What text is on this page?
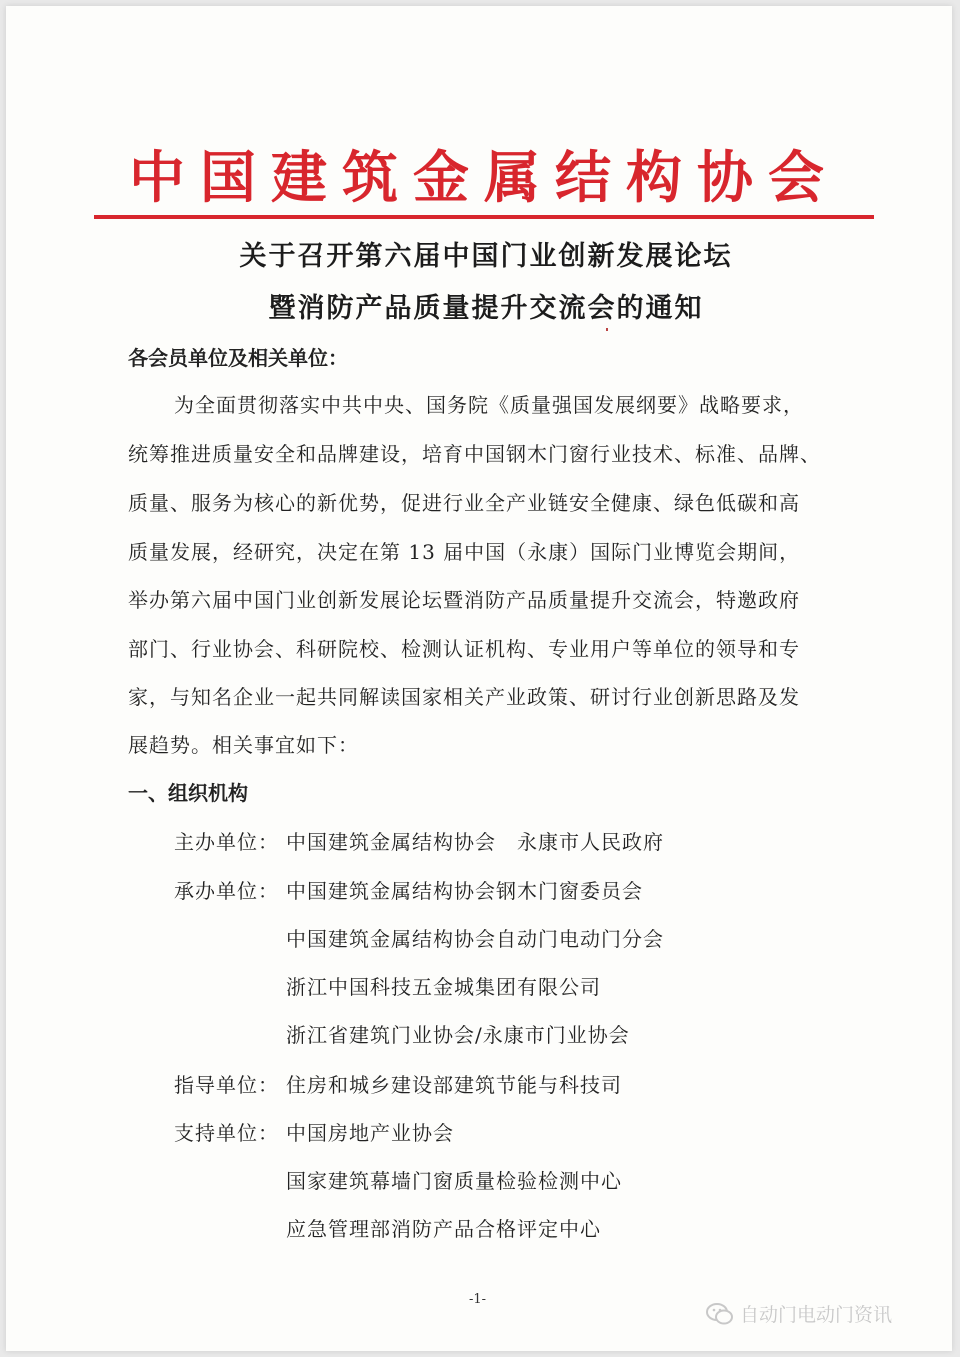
中国建筑金属结构协会
关于召开第六届中国门业创新发展论坛
暨消防产品质量提升交流会的通知
各会员单位及相关单位：
为全面贯彻落实中共中央、国务院《质量强国发展纲要》战略要求，
统筹推进质量安全和品牌建设，培育中国钢木门窗行业技术、标准、品牌、
质量、服务为核心的新优势，促进行业全产业链安全健康、绿色低碳和高
质量发展，经研究，决定在第 13 届中国（永康）国际门业博览会期间，
举办第六届中国门业创新发展论坛暨消防产品质量提升交流会，特邀政府
部门、行业协会、科研院校、检测认证机构、专业用户等单位的领导和专
家，与知名企业一起共同解读国家相关产业政策、研讨行业创新思路及发
展趋势。相关事宜如下：
一、组织机构
主办单位： 中国建筑金属结构协会　永康市人民政府
承办单位： 中国建筑金属结构协会钢木门窗委员会
中国建筑金属结构协会自动门电动门分会
浙江中国科技五金城集团有限公司
浙江省建筑门业协会/永康市门业协会
指导单位： 住房和城乡建设部建筑节能与科技司
支持单位： 中国房地产业协会
国家建筑幕墙门窗质量检验检测中心
应急管理部消防产品合格评定中心
-1-
自动门电动门资讯
